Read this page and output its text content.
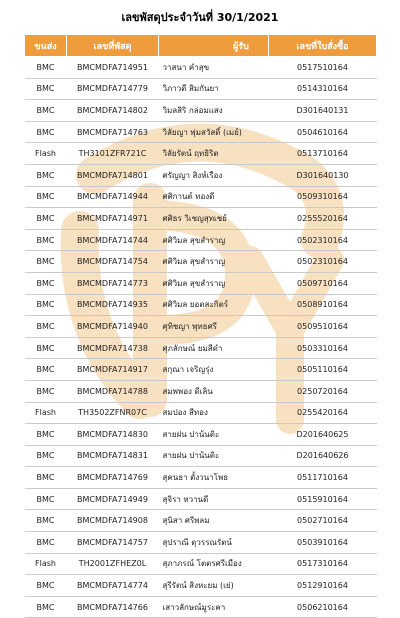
เลขพัสดุประจำวันที่ 30/1/2021
ขนส่ง	เลขที่พัสดุ	ผู้รับ	เลขที่ใบสั่งซื้อ
BMC	BMCMDFA714951	วาสนา คำสุข	0517510164
BMC	BMCMDFA714779	วิภาวดี สิมกันยา	0514310164
BMC	BMCMDFA714802	วิมลสิริ กล่อมแสง	D301640131
BMC	BMCMDFA714763	วิลัยญา พุ่มสวัสดิ์ (เมย์)	0504610164
Flash	TH3101ZFR721C	วิลัยรัตน์ ฤทธิริต	0513710164
BMC	BMCMDFA714801	ศรัญญา สิงห์เรือง	D301640130
BMC	BMCMDFA714944	ศศิกานต์ ทองดี	0509310164
BMC	BMCMDFA714971	ศศิธร วิเชญสุทเชย์	0255520164
BMC	BMCMDFA714744	ศศิวิมล สุขสำราญ	0502310164
BMC	BMCMDFA714754	ศศิวิมล สุขสำราญ	0502310164
BMC	BMCMDFA714773	ศศิวิมล สุขสำราญ	0509710164
BMC	BMCMDFA714935	ศศิวิมล ยอดสะกิตร์	0508910164
BMC	BMCMDFA714940	ศุทิชญา พุทธศรี	0509510164
BMC	BMCMDFA714738	ศุภลักษณ์ ยมสีดำ	0503310164
BMC	BMCMDFA714917	สกุณา เจริญรุ่ง	0505110164
BMC	BMCMDFA714788	สมพพอง ดีเลิน	0250720164
Flash	TH3502ZFNR07C	สมปอง สีทอง	0255420164
BMC	BMCMDFA714830	สายฝน ปาน้นติะ	D201640625
BMC	BMCMDFA714831	สายฝน ปาน้นติะ	D201640626
BMC	BMCMDFA714769	สุคนธา ตั้งวนาโพธ	0511710164
BMC	BMCMDFA714949	สุจิรา หวานดี	0515910164
BMC	BMCMDFA714908	สุนิสา ศรีพลม	0502710164
BMC	BMCMDFA714757	สุปราณี ดุวรรณรัตน์	0503910164
Flash	TH2001ZFHEZ0L	สุภาภรณ์ โตตรศรีเมือง	0517310164
BMC	BMCMDFA714774	สุรีรัตน์ สิงหะยม (เย่)	0512910164
BMC	BMCMDFA714766	เสาวลักษณ์มูระคา	0506210164
